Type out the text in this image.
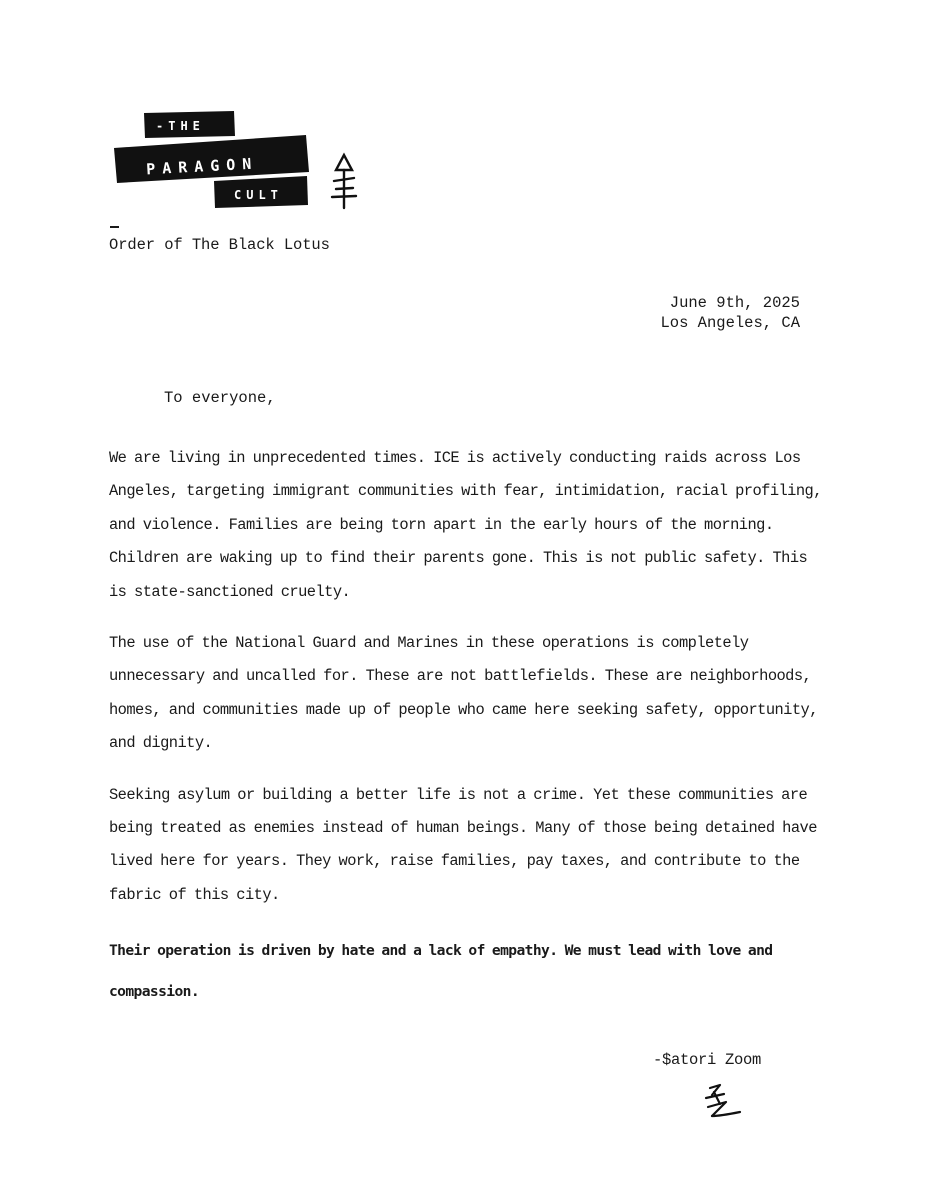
-THE
PARAGON
CULT
Order of The Black Lotus
June 9th, 2025
Los Angeles, CA
To everyone,

We are living in unprecedented times. ICE is actively conducting raids across Los Angeles, targeting immigrant communities with fear, intimidation, racial profiling, and violence. Families are being torn apart in the early hours of the morning. Children are waking up to find their parents gone. This is not public safety. This is state-sanctioned cruelty.

The use of the National Guard and Marines in these operations is completely unnecessary and uncalled for. These are not battlefields. These are neighborhoods, homes, and communities made up of people who came here seeking safety, opportunity, and dignity.

Seeking asylum or building a better life is not a crime. Yet these communities are being treated as enemies instead of human beings. Many of those being detained have lived here for years. They work, raise families, pay taxes, and contribute to the fabric of this city.

Their operation is driven by hate and a lack of empathy. We must lead with love and compassion.

-$atori Zoom
